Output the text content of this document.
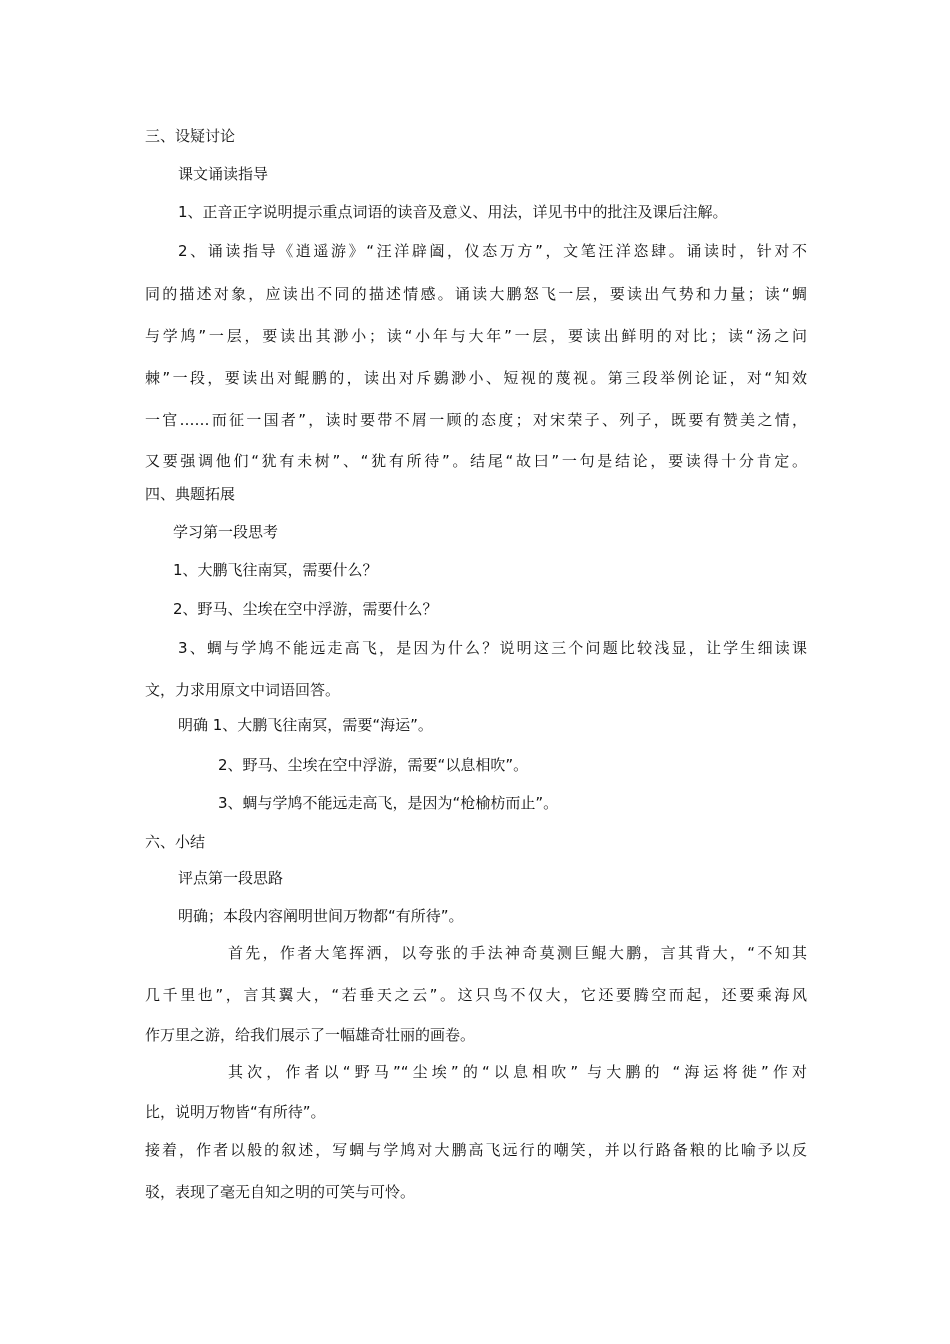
三、设疑讨论
课文诵读指导
1、正音正字说明提示重点词语的读音及意义、用法，详见书中的批注及课后注解。
2、诵读指导《逍遥游》“汪洋辟阖，仪态万方”，文笔汪洋恣肆。诵读时，针对不
同的描述对象，应读出不同的描述情感。诵读大鹏怒飞一层，要读出气势和力量；读“蜩
与学鸠”一层，要读出其渺小；读“小年与大年”一层，要读出鲜明的对比；读“汤之问
棘”一段，要读出对鲲鹏的，读出对斥鷃渺小、短视的蔑视。第三段举例论证，对“知效
一官……而征一国者”，读时要带不屑一顾的态度；对宋荣子、列子，既要有赞美之情，
又要强调他们“犹有未树”、“犹有所待”。结尾“故曰”一句是结论，要读得十分肯定。
四、典题拓展
学习第一段思考
1、大鹏飞往南冥，需要什么？
2、野马、尘埃在空中浮游，需要什么？
3、蜩与学鸠不能远走高飞，是因为什么？说明这三个问题比较浅显，让学生细读课
文，力求用原文中词语回答。
明确 1、大鹏飞往南冥，需要“海运”。
2、野马、尘埃在空中浮游，需要“以息相吹”。
3、蜩与学鸠不能远走高飞，是因为“枪榆枋而止”。
六、小结
评点第一段思路
明确；本段内容阐明世间万物都“有所待”。
首先，作者大笔挥洒，以夸张的手法神奇莫测巨鲲大鹏，言其背大，“不知其
几千里也”，言其翼大，“若垂天之云”。这只鸟不仅大，它还要腾空而起，还要乘海风
作万里之游，给我们展示了一幅雄奇壮丽的画卷。
其次，作者以“野马”“尘埃”的“以息相吹” 与大鹏的 “海运将徙”作对
比，说明万物皆“有所待”。
接着，作者以般的叙述，写蜩与学鸠对大鹏高飞远行的嘲笑，并以行路备粮的比喻予以反
驳，表现了毫无自知之明的可笑与可怜。
